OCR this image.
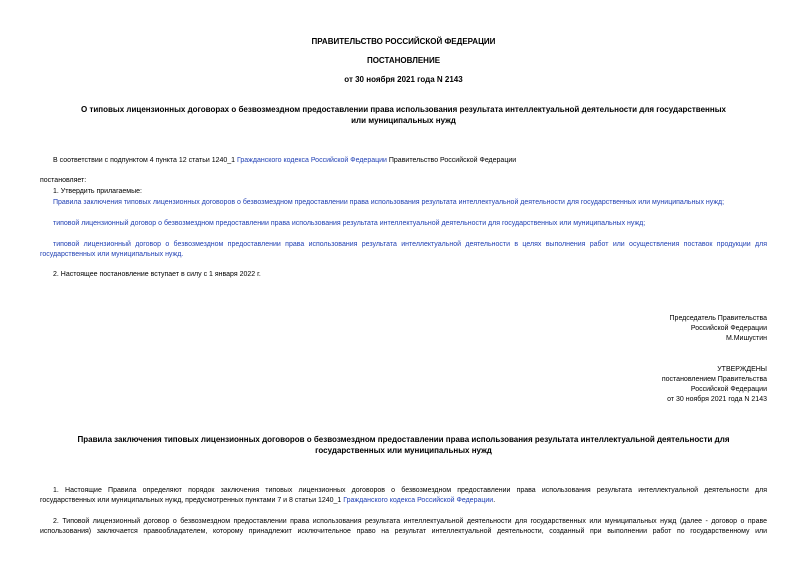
ПРАВИТЕЛЬСТВО РОССИЙСКОЙ ФЕДЕРАЦИИ
ПОСТАНОВЛЕНИЕ
от 30 ноября 2021 года N 2143
О типовых лицензионных договорах о безвозмездном предоставлении права использования результата интеллектуальной деятельности для государственных
или муниципальных нужд
В соответствии с подпунктом 4 пункта 12 статьи 1240_1 Гражданского кодекса Российской Федерации Правительство Российской Федерации
постановляет:
1. Утвердить прилагаемые:
Правила заключения типовых лицензионных договоров о безвозмездном предоставлении права использования результата интеллектуальной деятельности для государственных или муниципальных нужд;
типовой лицензионный договор о безвозмездном предоставлении права использования результата интеллектуальной деятельности для государственных или муниципальных нужд;
типовой лицензионный договор о безвозмездном предоставлении права использования результата интеллектуальной деятельности в целях выполнения работ или осуществления поставок продукции для
государственных или муниципальных нужд.
2. Настоящее постановление вступает в силу с 1 января 2022 г.
Председатель Правительства
Российской Федерации
М.Мишустин
УТВЕРЖДЕНЫ
постановлением Правительства
Российской Федерации
от 30 ноября 2021 года N 2143
Правила заключения типовых лицензионных договоров о безвозмездном предоставлении права использования результата интеллектуальной деятельности для
государственных или муниципальных нужд
1. Настоящие Правила определяют порядок заключения типовых лицензионных договоров о безвозмездном предоставлении права использования результата интеллектуальной деятельности для
государственных или муниципальных нужд, предусмотренных пунктами 7 и 8 статьи 1240_1 Гражданского кодекса Российской Федерации.
2. Типовой лицензионный договор о безвозмездном предоставлении права использования результата интеллектуальной деятельности для государственных или муниципальных нужд (далее - договор о праве
использования) заключается правообладателем, которому принадлежит исключительное право на результат интеллектуальной деятельности, созданный при выполнении работ по государственному или
